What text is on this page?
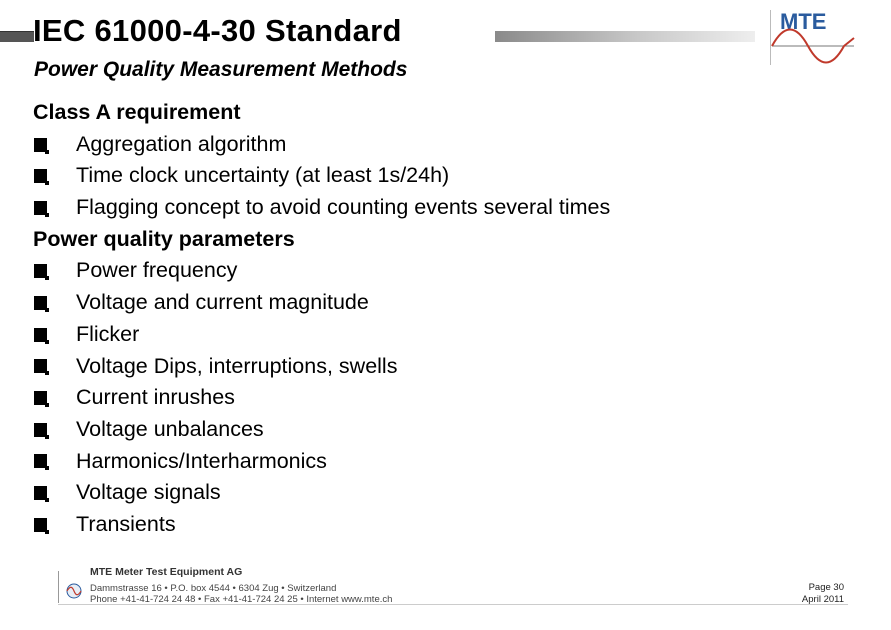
IEC 61000-4-30 Standard
Power Quality Measurement Methods
MTE
Class A requirement
Aggregation algorithm
Time clock uncertainty (at least 1s/24h)
Flagging concept to avoid counting events several times
Power quality parameters
Power frequency
Voltage and current magnitude
Flicker
Voltage Dips, interruptions, swells
Current inrushes
Voltage unbalances
Harmonics/Interharmonics
Voltage signals
Transients
MTE Meter Test Equipment AG
Dammstrasse 16 • P.O. box 4544 • 6304 Zug • Switzerland
Phone +41-41-724 24 48 • Fax +41-41-724 24 25 • Internet www.mte.ch
Page 30
April 2011
